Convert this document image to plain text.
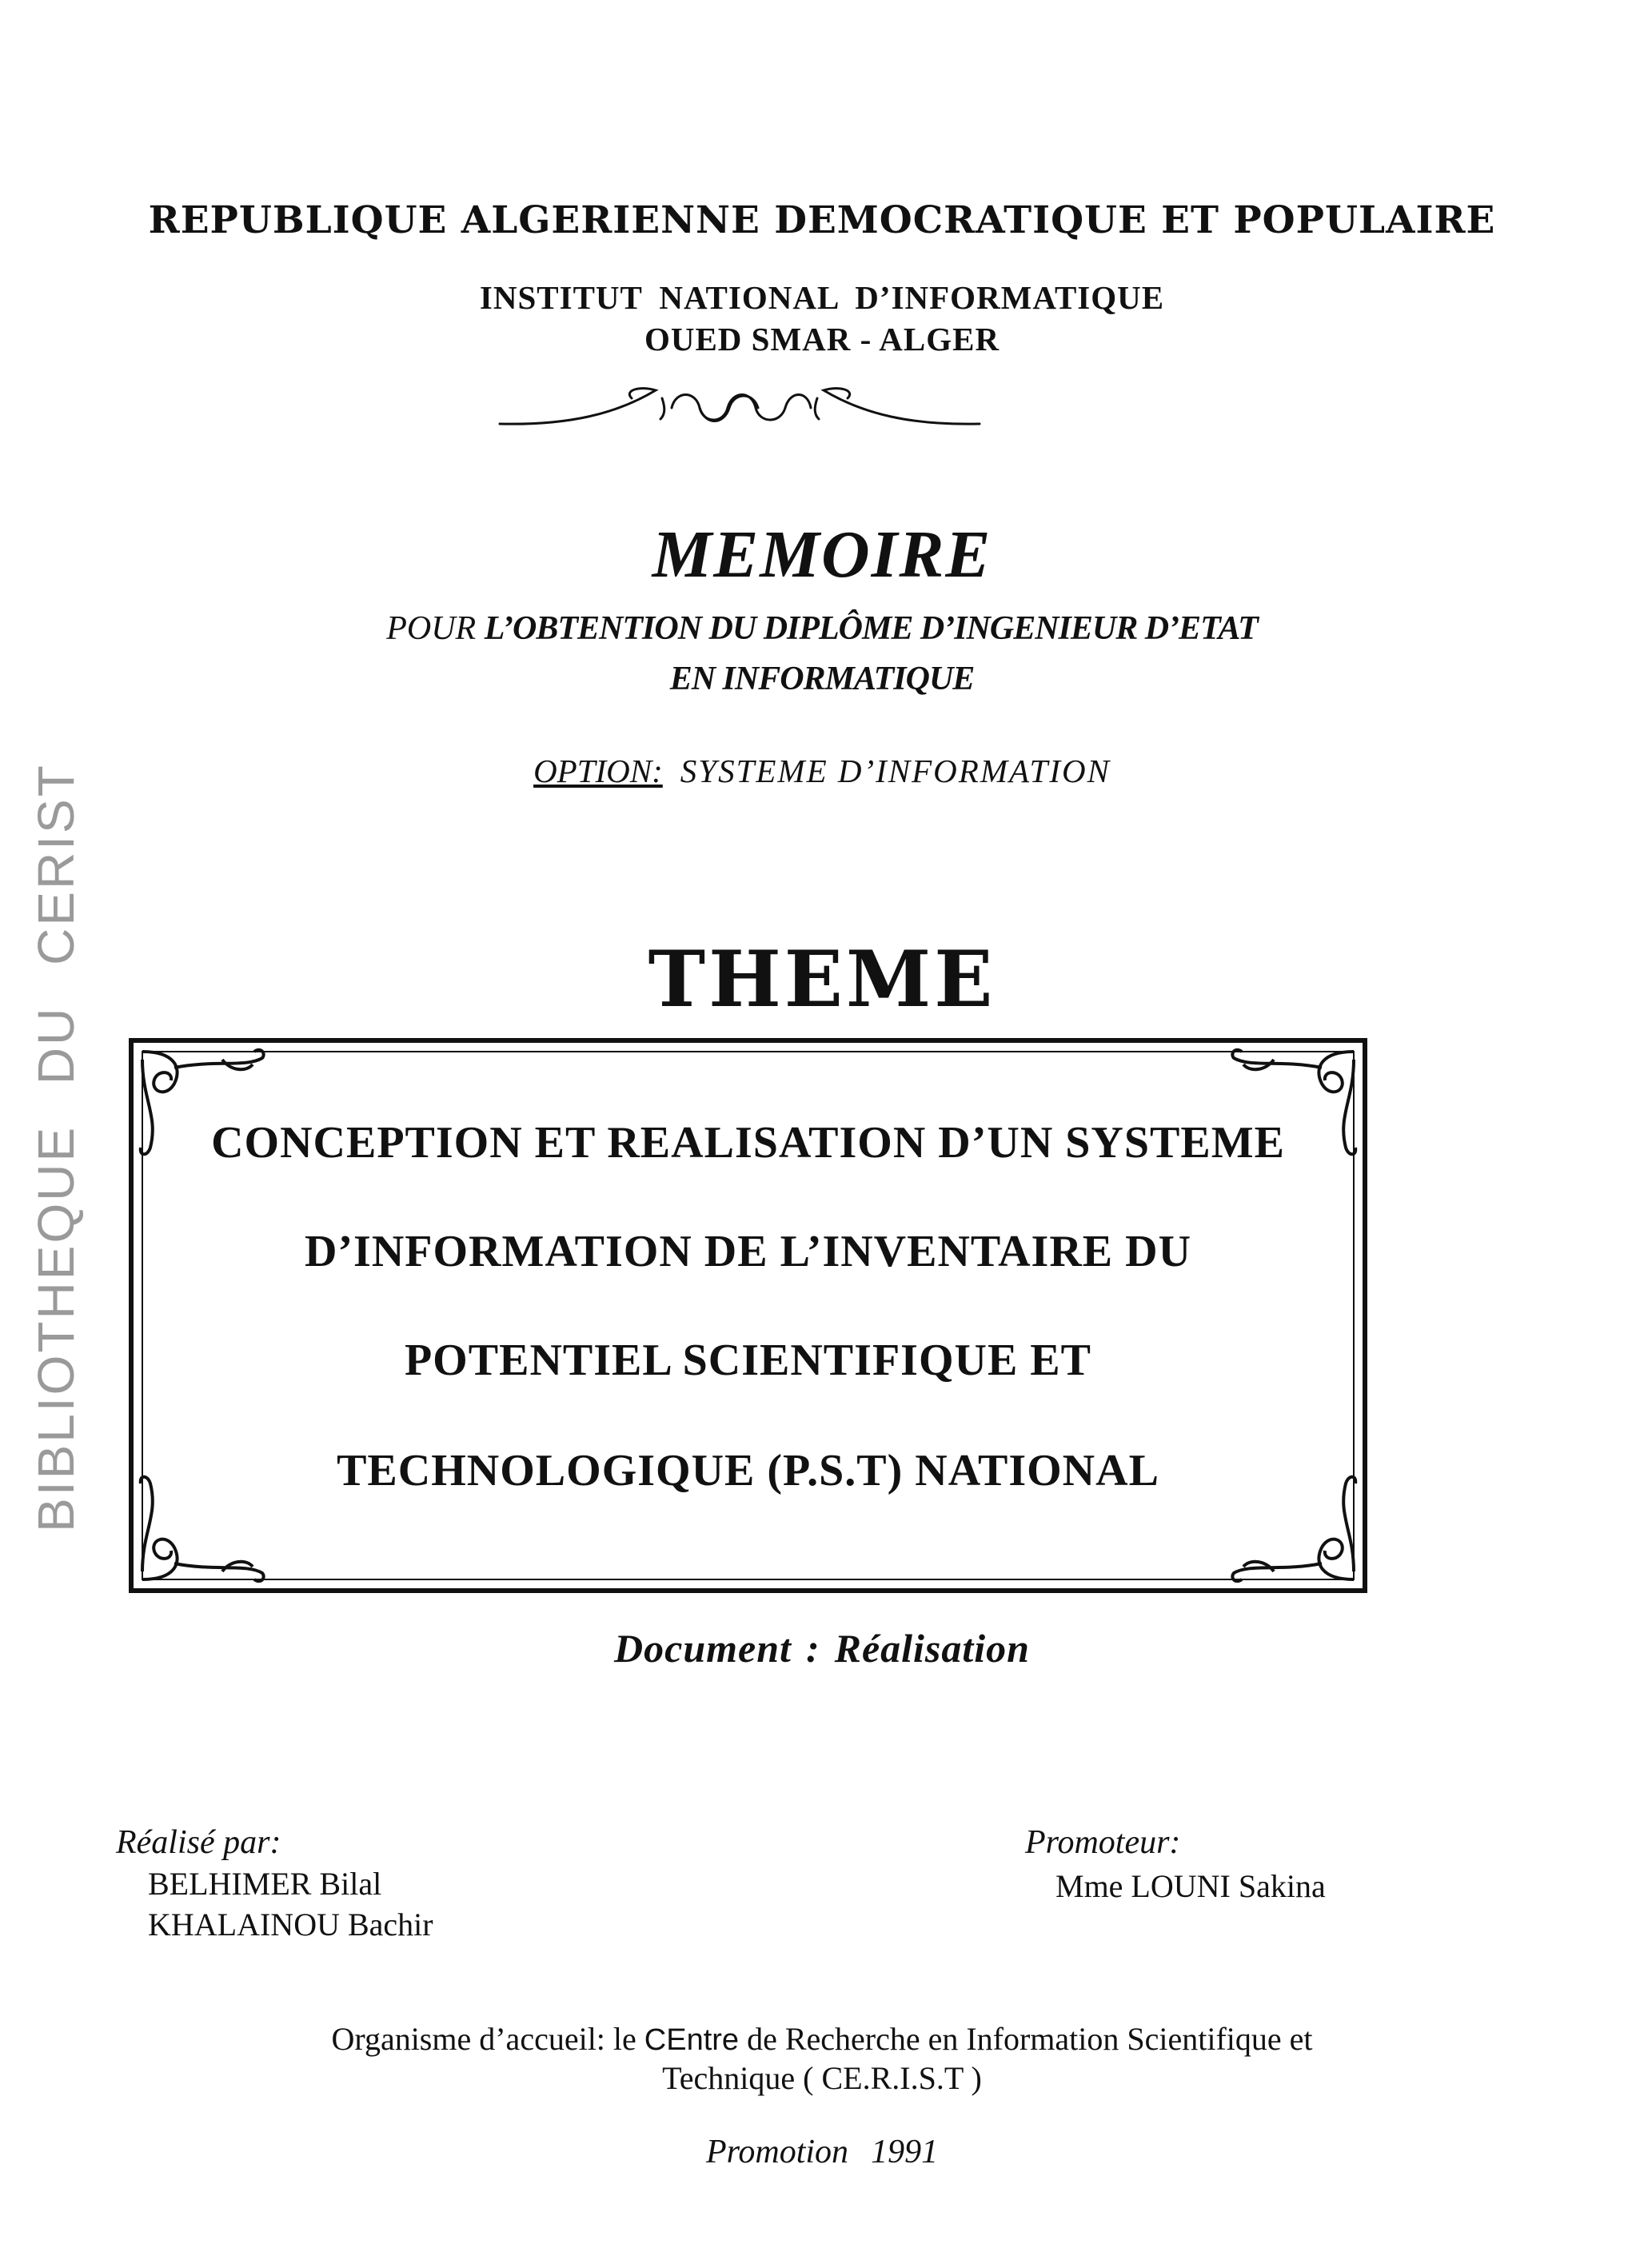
BIBLIOTHEQUE DU CERIST
REPUBLIQUE ALGERIENNE DEMOCRATIQUE ET POPULAIRE
INSTITUT NATIONAL D’INFORMATIQUE
OUED SMAR - ALGER
MEMOIRE
POUR L’OBTENTION DU DIPLÔME D’INGENIEUR D’ETAT
EN INFORMATIQUE
OPTION: SYSTEME D’INFORMATION
THEME
CONCEPTION ET REALISATION D’UN SYSTEME
D’INFORMATION DE L’INVENTAIRE DU
POTENTIEL SCIENTIFIQUE ET
TECHNOLOGIQUE (P.S.T) NATIONAL
Document : Réalisation
Réalisé par:
BELHIMER Bilal
KHALAINOU Bachir
Promoteur:
Mme LOUNI Sakina
Organisme d’accueil: le CEntre de Recherche en Information Scientifique et
Technique ( CE.R.I.S.T )
Promotion 1991
